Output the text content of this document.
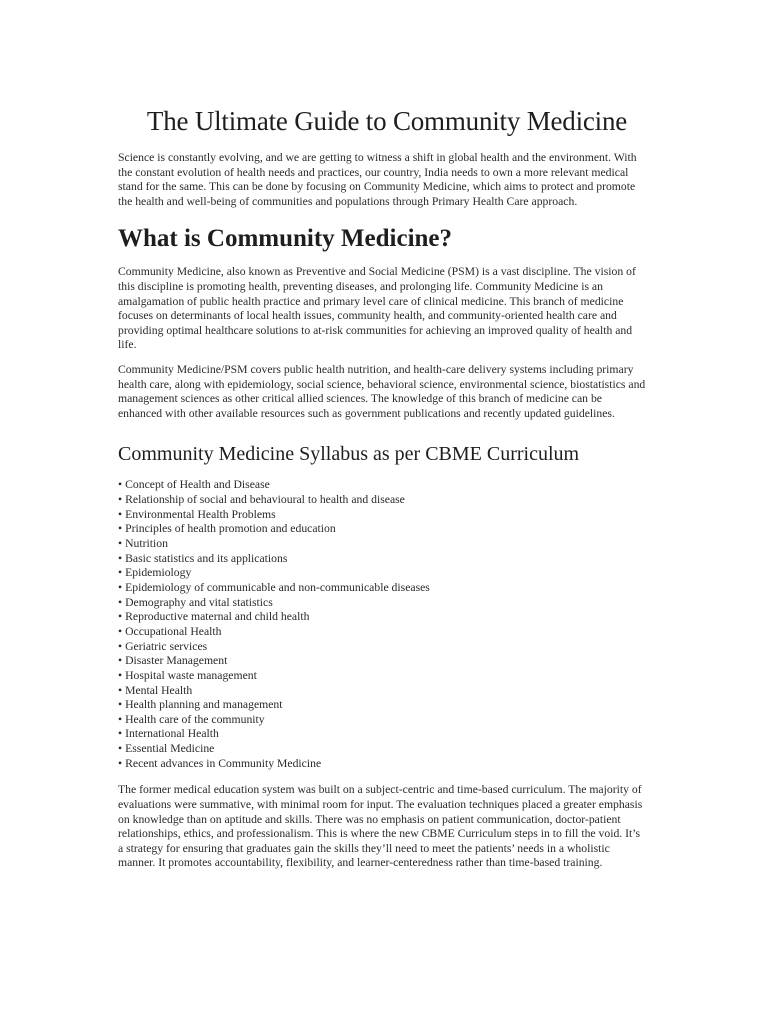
The Ultimate Guide to Community Medicine

Science is constantly evolving, and we are getting to witness a shift in global health and the environment. With the constant evolution of health needs and practices, our country, India needs to own a more relevant medical stand for the same. This can be done by focusing on Community Medicine, which aims to protect and promote the health and well-being of communities and populations through Primary Health Care approach.

What is Community Medicine?

Community Medicine, also known as Preventive and Social Medicine (PSM) is a vast discipline. The vision of this discipline is promoting health, preventing diseases, and prolonging life. Community Medicine is an amalgamation of public health practice and primary level care of clinical medicine. This branch of medicine focuses on determinants of local health issues, community health, and community-oriented health care and providing optimal healthcare solutions to at-risk communities for achieving an improved quality of health and life.

Community Medicine/PSM covers public health nutrition, and health-care delivery systems including primary health care, along with epidemiology, social science, behavioral science, environmental science, biostatistics and management sciences as other critical allied sciences. The knowledge of this branch of medicine can be enhanced with other available resources such as government publications and recently updated guidelines.

Community Medicine Syllabus as per CBME Curriculum
• Concept of Health and Disease
• Relationship of social and behavioural to health and disease
• Environmental Health Problems
• Principles of health promotion and education
• Nutrition
• Basic statistics and its applications
• Epidemiology
• Epidemiology of communicable and non-communicable diseases
• Demography and vital statistics
• Reproductive maternal and child health
• Occupational Health
• Geriatric services
• Disaster Management
• Hospital waste management
• Mental Health
• Health planning and management
• Health care of the community
• International Health
• Essential Medicine
• Recent advances in Community Medicine

The former medical education system was built on a subject-centric and time-based curriculum. The majority of evaluations were summative, with minimal room for input. The evaluation techniques placed a greater emphasis on knowledge than on aptitude and skills. There was no emphasis on patient communication, doctor-patient relationships, ethics, and professionalism. This is where the new CBME Curriculum steps in to fill the void. It’s a strategy for ensuring that graduates gain the skills they’ll need to meet the patients’ needs in a wholistic manner. It promotes accountability, flexibility, and learner-centeredness rather than time-based training.
